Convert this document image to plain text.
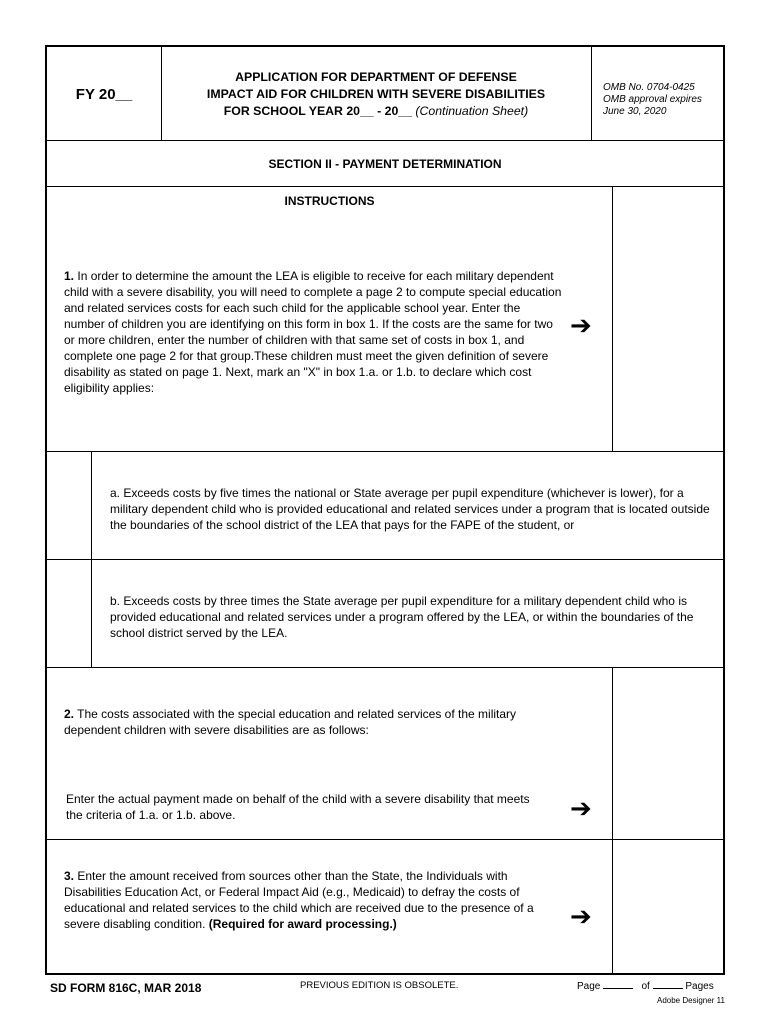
FY 20__
APPLICATION FOR DEPARTMENT OF DEFENSE
IMPACT AID FOR CHILDREN WITH SEVERE DISABILITIES
FOR SCHOOL YEAR 20__ - 20__ (Continuation Sheet)
OMB No. 0704-0425
OMB approval expires
June 30, 2020
SECTION II - PAYMENT DETERMINATION
INSTRUCTIONS
1. In order to determine the amount the LEA is eligible to receive for each military dependent child with a severe disability, you will need to complete a page 2 to compute special education and related services costs for each such child for the applicable school year. Enter the number of children you are identifying on this form in box 1. If the costs are the same for two or more children, enter the number of children with that same set of costs in box 1, and complete one page 2 for that group.These children must meet the given definition of severe disability as stated on page 1. Next, mark an "X" in box 1.a. or 1.b. to declare which cost eligibility applies:
➔
a. Exceeds costs by five times the national or State average per pupil expenditure (whichever is lower), for a military dependent child who is provided educational and related services under a program that is located outside the boundaries of the school district of the LEA that pays for the FAPE of the student, or
b. Exceeds costs by three times the State average per pupil expenditure for a military dependent child who is provided educational and related services under a program offered by the LEA, or within the boundaries of the school district served by the LEA.
2. The costs associated with the special education and related services of the military dependent children with severe disabilities are as follows:
Enter the actual payment made on behalf of the child with a severe disability that meets the criteria of 1.a. or 1.b. above.	➔
3. Enter the amount received from sources other than the State, the Individuals with Disabilities Education Act, or Federal Impact Aid (e.g., Medicaid) to defray the costs of educational and related services to the child which are received due to the presence of a severe disabling condition. (Required for award processing.)	➔
SD FORM 816C, MAR 2018	PREVIOUS EDITION IS OBSOLETE.	Page	of	Pages
Adobe Designer 11
